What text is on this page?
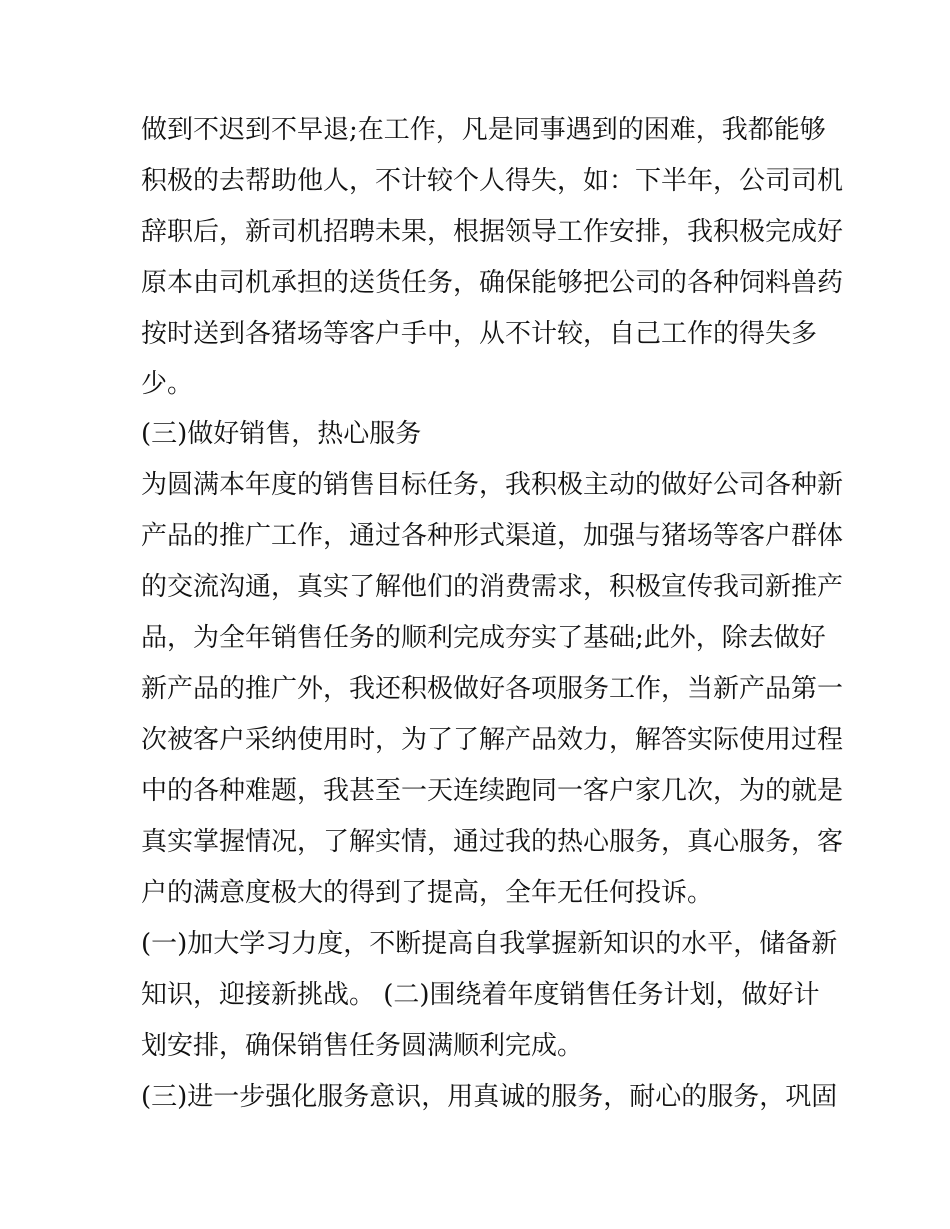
做到不迟到不早退;在工作，凡是同事遇到的困难，我都能够
积极的去帮助他人，不计较个人得失，如：下半年，公司司机
辞职后，新司机招聘未果，根据领导工作安排，我积极完成好
原本由司机承担的送货任务，确保能够把公司的各种饲料兽药
按时送到各猪场等客户手中，从不计较，自己工作的得失多
少。
(三)做好销售，热心服务
为圆满本年度的销售目标任务，我积极主动的做好公司各种新
产品的推广工作，通过各种形式渠道，加强与猪场等客户群体
的交流沟通，真实了解他们的消费需求，积极宣传我司新推产
品，为全年销售任务的顺利完成夯实了基础;此外，除去做好
新产品的推广外，我还积极做好各项服务工作，当新产品第一
次被客户采纳使用时，为了了解产品效力，解答实际使用过程
中的各种难题，我甚至一天连续跑同一客户家几次，为的就是
真实掌握情况，了解实情，通过我的热心服务，真心服务，客
户的满意度极大的得到了提高，全年无任何投诉。
(一)加大学习力度，不断提高自我掌握新知识的水平，储备新
知识，迎接新挑战。 (二)围绕着年度销售任务计划，做好计
划安排，确保销售任务圆满顺利完成。
(三)进一步强化服务意识，用真诚的服务，耐心的服务，巩固
